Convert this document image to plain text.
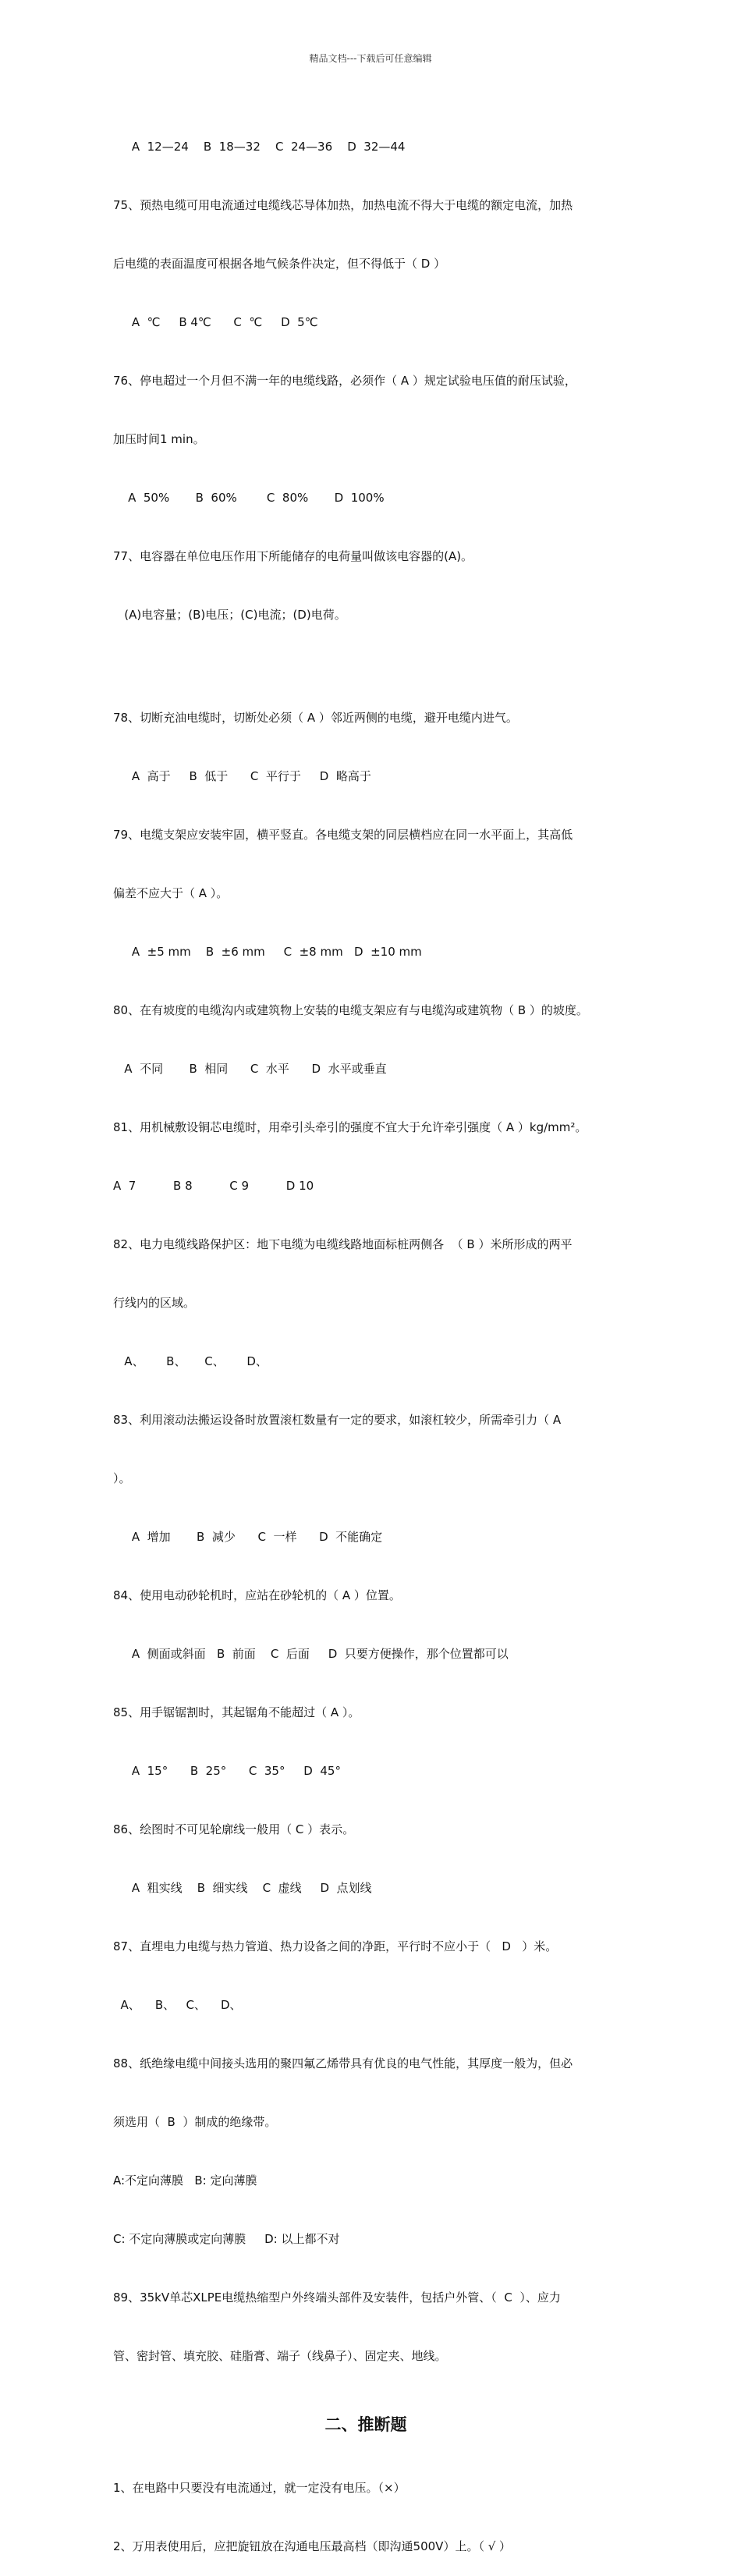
精品文档---下载后可任意编辑

A  12—24    B  18—32    C  24—36    D  32—44

75、预热电缆可用电流通过电缆线芯导体加热，加热电流不得大于电缆的额定电流，加热

后电缆的表面温度可根据各地气候条件决定，但不得低于（ D ）

A  ℃     B 4℃      C  ℃     D  5℃

76、停电超过一个月但不满一年的电缆线路，必须作（ A ）规定试验电压值的耐压试验，

加压时间1 min。

A  50%       B  60%        C  80%       D  100%

77、电容器在单位电压作用下所能储存的电荷量叫做该电容器的(A)。

(A)电容量；(B)电压；(C)电流；(D)电荷。

78、切断充油电缆时，切断处必须（ A ）邻近两侧的电缆，避开电缆内进气。

A  高于     B  低于      C  平行于     D  略高于

79、电缆支架应安装牢固，横平竖直。各电缆支架的同层横档应在同一水平面上，其高低

偏差不应大于（ A ）。

A  ±5 mm    B  ±6 mm     C  ±8 mm   D  ±10 mm

80、在有坡度的电缆沟内或建筑物上安装的电缆支架应有与电缆沟或建筑物（ B ）的坡度。

A  不同       B  相同      C  水平      D  水平或垂直

81、用机械敷设铜芯电缆时，用牵引头牵引的强度不宜大于允许牵引强度（ A ）kg/mm²。

A  7          B 8          C 9          D 10

82、电力电缆线路保护区：地下电缆为电缆线路地面标桩两侧各  （ B ）米所形成的两平

行线内的区域。

A、      B、     C、      D、

83、利用滚动法搬运设备时放置滚杠数量有一定的要求，如滚杠较少，所需牵引力（ A

）。

A  增加       B  减少      C  一样      D  不能确定

84、使用电动砂轮机时，应站在砂轮机的（ A ）位置。

A  侧面或斜面   B  前面    C  后面     D  只要方便操作，那个位置都可以

85、用手锯锯割时，其起锯角不能超过（ A ）。

A  15°      B  25°      C  35°     D  45°

86、绘图时不可见轮廓线一般用（ C ）表示。

A  粗实线    B  细实线    C  虚线     D  点划线

87、直埋电力电缆与热力管道、热力设备之间的净距，平行时不应小于（   D   ）米。

A、    B、   C、    D、

88、纸绝缘电缆中间接头选用的聚四氟乙烯带具有优良的电气性能，其厚度一般为，但必

须选用（  B  ）制成的绝缘带。

A:不定向薄膜   B: 定向薄膜

C: 不定向薄膜或定向薄膜     D: 以上都不对

89、35kV单芯XLPE电缆热缩型户外终端头部件及安装件，包括户外管、（  C  ）、应力

管、密封管、填充胶、硅脂膏、端子（线鼻子）、固定夹、地线。

二、推断题

1、在电路中只要没有电流通过，就一定没有电压。（×）

2、万用表使用后，应把旋钮放在沟通电压最高档（即沟通500V）上。（ √ ）
